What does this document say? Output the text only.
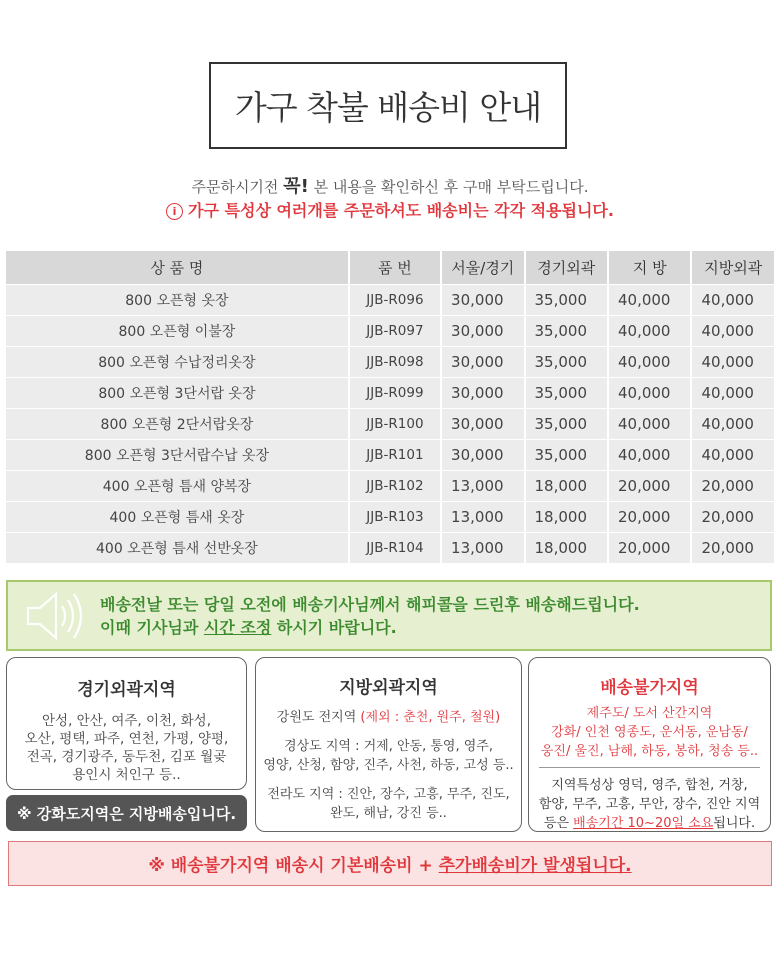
가구 착불 배송비 안내
주문하시기전 꼭! 본 내용을 확인하신 후 구매 부탁드립니다.
i 가구 특성상 여러개를 주문하셔도 배송비는 각각 적용됩니다.
상 품 명	품 번	서울/경기	경기외곽	지 방	지방외곽
800 오픈형 옷장	JJB-R096	30,000	35,000	40,000	40,000
800 오픈형 이불장	JJB-R097	30,000	35,000	40,000	40,000
800 오픈형 수납정리옷장	JJB-R098	30,000	35,000	40,000	40,000
800 오픈형 3단서랍 옷장	JJB-R099	30,000	35,000	40,000	40,000
800 오픈형 2단서랍옷장	JJB-R100	30,000	35,000	40,000	40,000
800 오픈형 3단서랍수납 옷장	JJB-R101	30,000	35,000	40,000	40,000
400 오픈형 틈새 양복장	JJB-R102	13,000	18,000	20,000	20,000
400 오픈형 틈새 옷장	JJB-R103	13,000	18,000	20,000	20,000
400 오픈형 틈새 선반옷장	JJB-R104	13,000	18,000	20,000	20,000
배송전날 또는 당일 오전에 배송기사님께서 해피콜을 드린후 배송해드립니다.
이때 기사님과 시간 조정 하시기 바랍니다.
경기외곽지역

안성, 안산, 여주, 이천, 화성,
오산, 평택, 파주, 연천, 가평, 양평,
전곡, 경기광주, 동두천, 김포 월곶
용인시 처인구 등..

※ 강화도지역은 지방배송입니다.
지방외곽지역

강원도 전지역 (제외 : 춘천, 원주, 철원)

경상도 지역 : 거제, 안동, 통영, 영주,
영양, 산청, 함양, 진주, 사천, 하동, 고성 등..

전라도 지역 : 진안, 장수, 고흥, 무주, 진도,
완도, 해남, 강진 등..

배송불가지역

제주도/ 도서 산간지역
강화/ 인천 영종도, 운서동, 운남동/
웅진/ 울진, 남해, 하동, 봉하, 청송 등..

지역특성상 영덕, 영주, 합천, 거창,
함양, 무주, 고흥, 무안, 장수, 진안 지역
등은 배송기간 10~20일 소요됩니다.

※ 배송불가지역 배송시 기본배송비 + 추가배송비가 발생됩니다.
